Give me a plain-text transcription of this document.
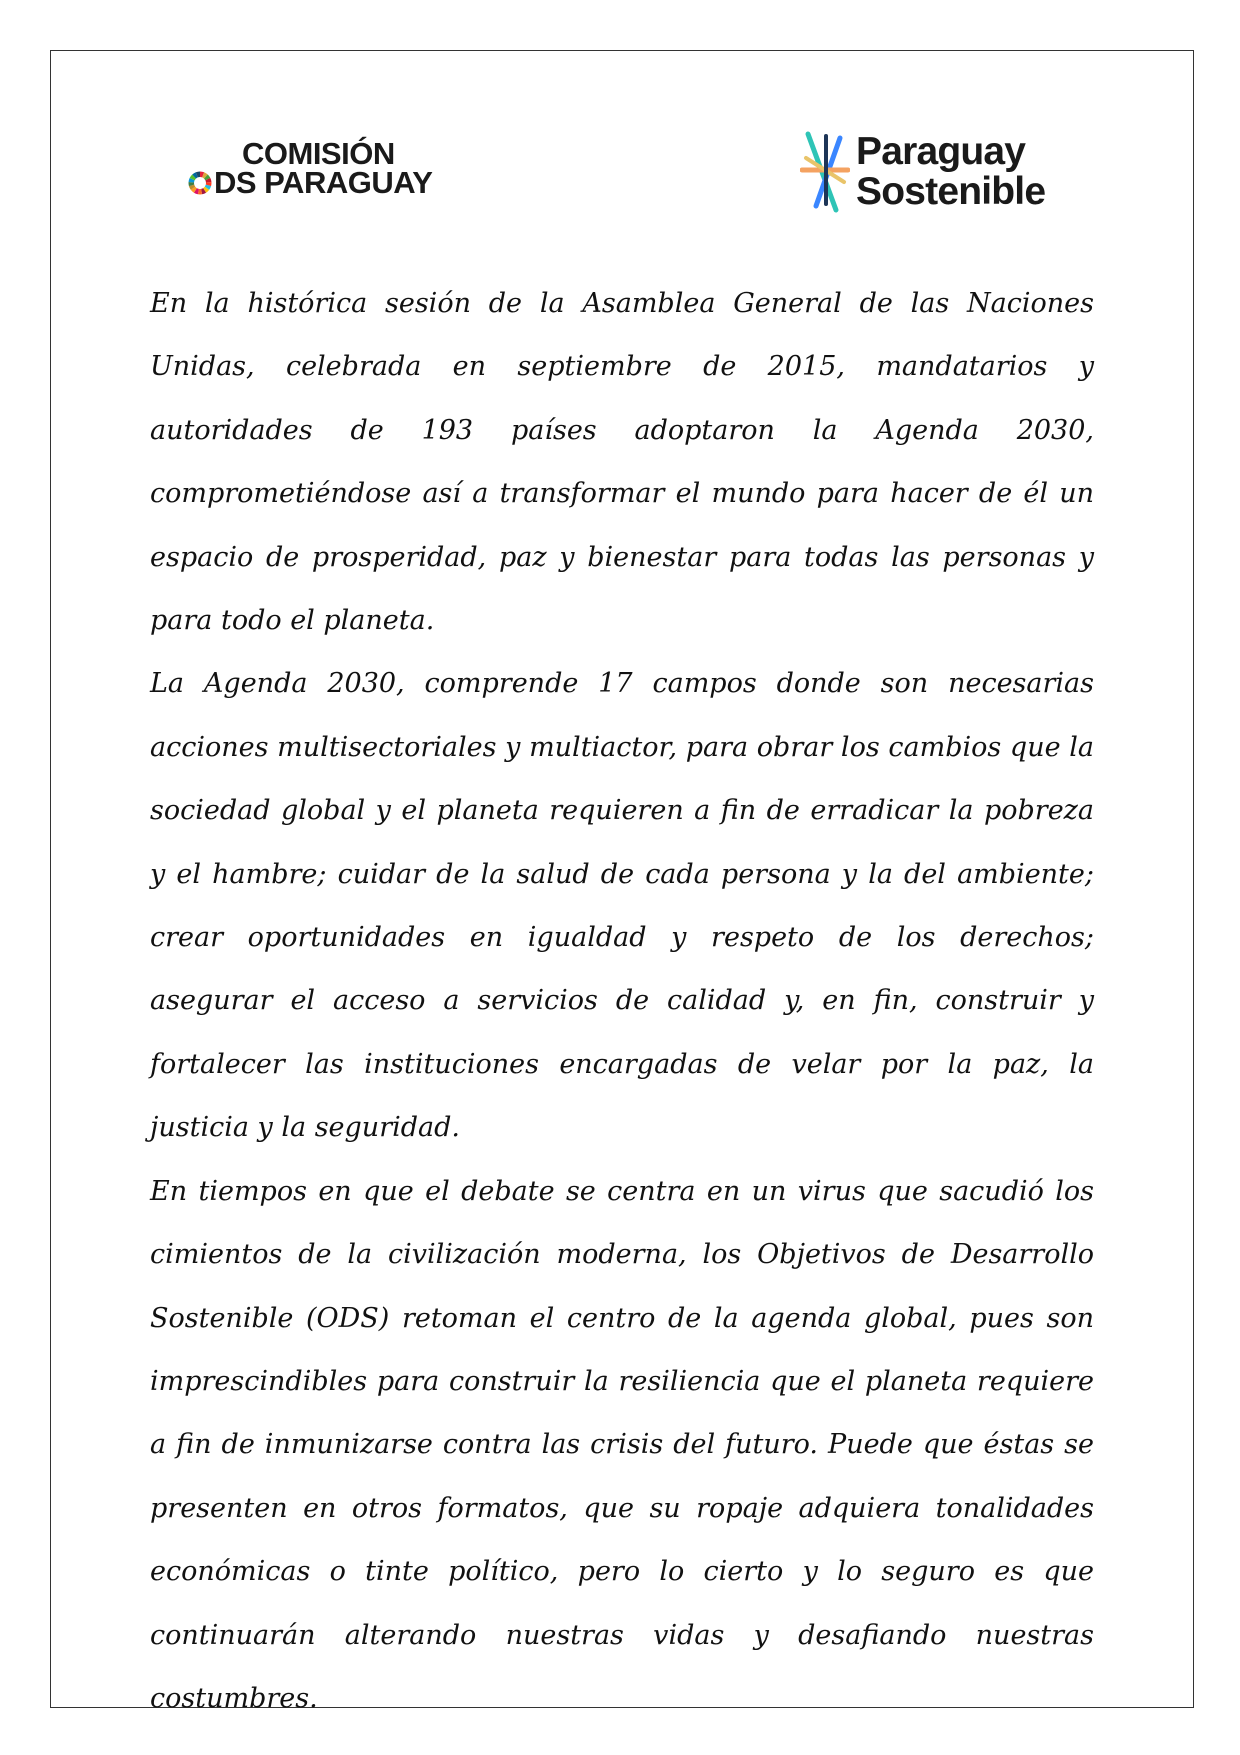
COMISIÓN
DS PARAGUAY
Paraguay
Sostenible

En la histórica sesión de la Asamblea General de las Naciones Unidas, celebrada en septiembre de 2015, mandatarios y autoridades de 193 países adoptaron la Agenda 2030, comprometiéndose así a transformar el mundo para hacer de él un espacio de prosperidad, paz y bienestar para todas las personas y para todo el planeta.

La Agenda 2030, comprende 17 campos donde son necesarias acciones multisectoriales y multiactor, para obrar los cambios que la sociedad global y el planeta requieren a fin de erradicar la pobreza y el hambre; cuidar de la salud de cada persona y la del ambiente; crear oportunidades en igualdad y respeto de los derechos; asegurar el acceso a servicios de calidad y, en fin, construir y fortalecer las instituciones encargadas de velar por la paz, la justicia y la seguridad.

En tiempos en que el debate se centra en un virus que sacudió los cimientos de la civilización moderna, los Objetivos de Desarrollo Sostenible (ODS) retoman el centro de la agenda global, pues son imprescindibles para construir la resiliencia que el planeta requiere a fin de inmunizarse contra las crisis del futuro. Puede que éstas se presenten en otros formatos, que su ropaje adquiera tonalidades económicas o tinte político, pero lo cierto y lo seguro es que continuarán alterando nuestras vidas y desafiando nuestras costumbres.
